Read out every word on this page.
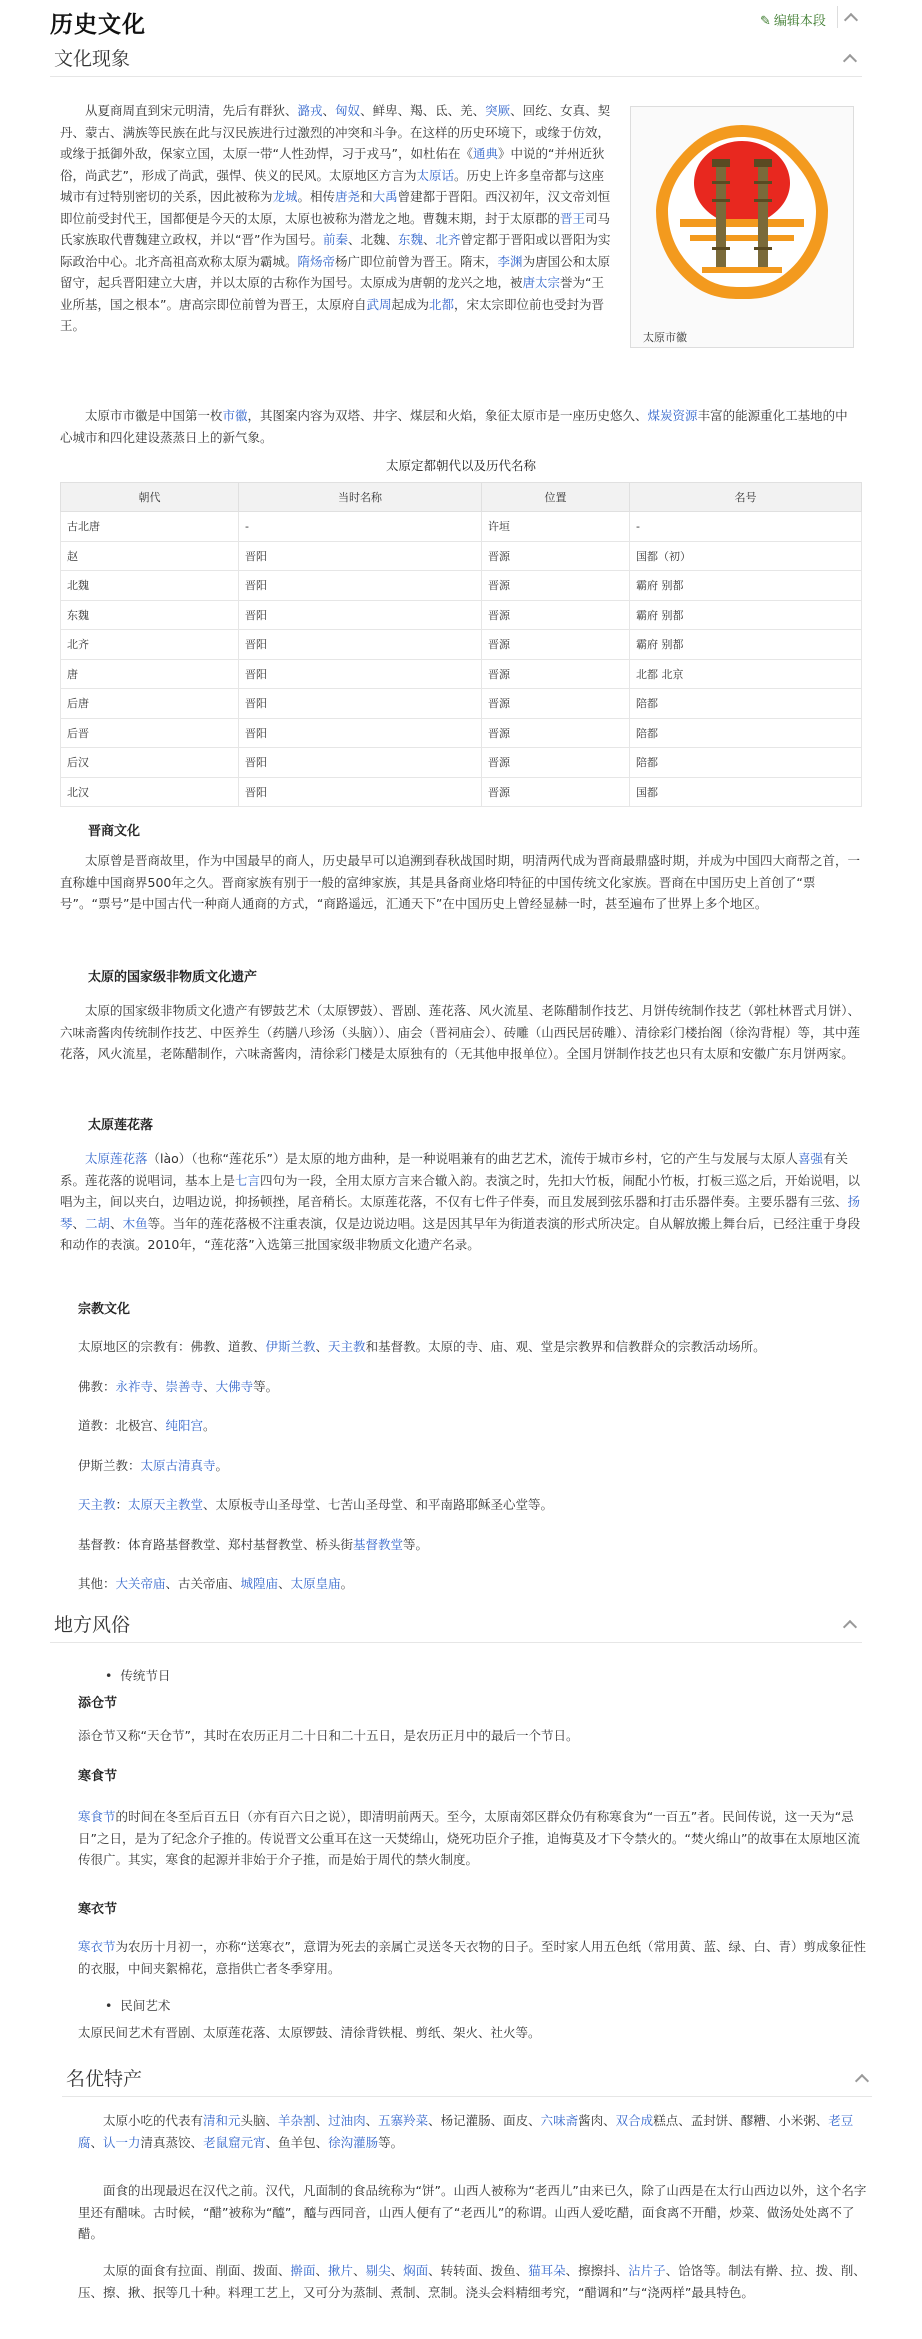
历史文化	✎ 编辑本段
文化现象

从夏商周直到宋元明清，先后有群狄、潞戎、匈奴、鲜卑、羯、氐、羌、突厥、回纥、女真、契丹、蒙古、满族等民族在此与汉民族进行过激烈的冲突和斗争。在这样的历史环境下，或缘于仿效，或缘于抵御外敌，保家立国，太原一带“人性劲悍，习于戎马”，如杜佑在《通典》中说的“并州近狄俗，尚武艺”，形成了尚武，强悍、侠义的民风。太原地区方言为太原话。历史上许多皇帝都与这座城市有过特别密切的关系，因此被称为龙城。相传唐尧和大禹曾建都于晋阳。西汉初年，汉文帝刘恒即位前受封代王，国都便是今天的太原，太原也被称为潜龙之地。曹魏末期，封于太原郡的晋王司马氏家族取代曹魏建立政权，并以“晋”作为国号。前秦、北魏、东魏、北齐曾定都于晋阳或以晋阳为实际政治中心。北齐高祖高欢称太原为霸城。隋炀帝杨广即位前曾为晋王。隋末，李渊为唐国公和太原留守，起兵晋阳建立大唐，并以太原的古称作为国号。太原成为唐朝的龙兴之地，被唐太宗誉为“王业所基，国之根本”。唐高宗即位前曾为晋王，太原府自武周起成为北都，宋太宗即位前也受封为晋王。

太原市徽

太原市市徽是中国第一枚市徽，其图案内容为双塔、井字、煤层和火焰，象征太原市是一座历史悠久、煤炭资源丰富的能源重化工基地的中心城市和四化建设蒸蒸日上的新气象。

太原定都朝代以及历代名称
朝代	当时名称	位置	名号
古北唐	-	许垣	-
赵	晋阳	晋源	国都（初）
北魏	晋阳	晋源	霸府 别都
东魏	晋阳	晋源	霸府 别都
北齐	晋阳	晋源	霸府 别都
唐	晋阳	晋源	北都 北京
后唐	晋阳	晋源	陪都
后晋	晋阳	晋源	陪都
后汉	晋阳	晋源	陪都
北汉	晋阳	晋源	国都
晋商文化

太原曾是晋商故里，作为中国最早的商人，历史最早可以追溯到春秋战国时期，明清两代成为晋商最鼎盛时期，并成为中国四大商帮之首，一直称雄中国商界500年之久。晋商家族有别于一般的富绅家族，其是具备商业烙印特征的中国传统文化家族。晋商在中国历史上首创了“票号”。“票号”是中国古代一种商人通商的方式，“商路遥远，汇通天下”在中国历史上曾经显赫一时，甚至遍布了世界上多个地区。

太原的国家级非物质文化遗产

太原的国家级非物质文化遗产有锣鼓艺术（太原锣鼓）、晋剧、莲花落、风火流星、老陈醋制作技艺、月饼传统制作技艺（郭杜林晋式月饼）、六味斋酱肉传统制作技艺、中医养生（药膳八珍汤（头脑））、庙会（晋祠庙会）、砖雕（山西民居砖雕）、清徐彩门楼抬阁（徐沟背棍）等，其中莲花落，风火流星，老陈醋制作，六味斋酱肉，清徐彩门楼是太原独有的（无其他申报单位）。全国月饼制作技艺也只有太原和安徽广东月饼两家。

太原莲花落

太原莲花落（lào）（也称“莲花乐”）是太原的地方曲种，是一种说唱兼有的曲艺艺术，流传于城市乡村，它的产生与发展与太原人喜强有关系。莲花落的说唱词，基本上是七言四句为一段，全用太原方言来合辙入韵。表演之时，先扣大竹板，闹配小竹板，打板三巡之后，开始说唱，以唱为主，间以夹白，边唱边说，抑扬顿挫，尾音稍长。太原莲花落，不仅有七件子伴奏，而且发展到弦乐器和打击乐器伴奏。主要乐器有三弦、扬琴、二胡、木鱼等。当年的莲花落极不注重表演，仅是边说边唱。这是因其早年为街道表演的形式所决定。自从解放搬上舞台后，已经注重于身段和动作的表演。2010年，“莲花落”入选第三批国家级非物质文化遗产名录。

宗教文化

太原地区的宗教有：佛教、道教、伊斯兰教、天主教和基督教。太原的寺、庙、观、堂是宗教界和信教群众的宗教活动场所。

佛教：永祚寺、崇善寺、大佛寺等。

道教：北极宫、纯阳宫。

伊斯兰教：太原古清真寺。

天主教：太原天主教堂、太原板寺山圣母堂、七苦山圣母堂、和平南路耶稣圣心堂等。

基督教：体育路基督教堂、郑村基督教堂、桥头街基督教堂等。

其他：大关帝庙、古关帝庙、城隍庙、太原皇庙。

地方风俗
• 传统节日
添仓节

添仓节又称“天仓节”，其时在农历正月二十日和二十五日，是农历正月中的最后一个节日。

寒食节

寒食节的时间在冬至后百五日（亦有百六日之说），即清明前两天。至今，太原南郊区群众仍有称寒食为“一百五”者。民间传说，这一天为“忌日”之日，是为了纪念介子推的。传说晋文公重耳在这一天焚绵山，烧死功臣介子推，追悔莫及才下令禁火的。“焚火绵山”的故事在太原地区流传很广。其实，寒食的起源并非始于介子推，而是始于周代的禁火制度。

寒衣节

寒衣节为农历十月初一，亦称“送寒衣”，意谓为死去的亲属亡灵送冬天衣物的日子。至时家人用五色纸（常用黄、蓝、绿、白、青）剪成象征性的衣服，中间夹絮棉花，意指供亡者冬季穿用。

• 民间艺术

太原民间艺术有晋剧、太原莲花落、太原锣鼓、清徐背铁棍、剪纸、架火、社火等。

名优特产

太原小吃的代表有清和元头脑、羊杂割、过油肉、五寨羚菜、杨记灌肠、面皮、六味斋酱肉、双合成糕点、孟封饼、醪糟、小米粥、老豆腐、认一力清真蒸饺、老鼠窟元宵、鱼羊包、徐沟灌肠等。

面食的出现最迟在汉代之前。汉代，凡面制的食品统称为“饼”。山西人被称为“老西儿”由来已久，除了山西是在太行山西边以外，这个名字里还有醋味。古时候，“醋”被称为“醯”，醯与西同音，山西人便有了“老西儿”的称谓。山西人爱吃醋，面食离不开醋，炒菜、做汤处处离不了醋。

太原的面食有拉面、削面、拨面、擀面、揪片、剔尖、焖面、转转面、拨鱼、猫耳朵、擦擦抖、沾片子、饸饹等。制法有擀、拉、拨、削、压、擦、揪、抿等几十种。料理工艺上，又可分为蒸制、煮制、烹制。浇头会料精细考究，“醋调和”与“浇两样”最具特色。
